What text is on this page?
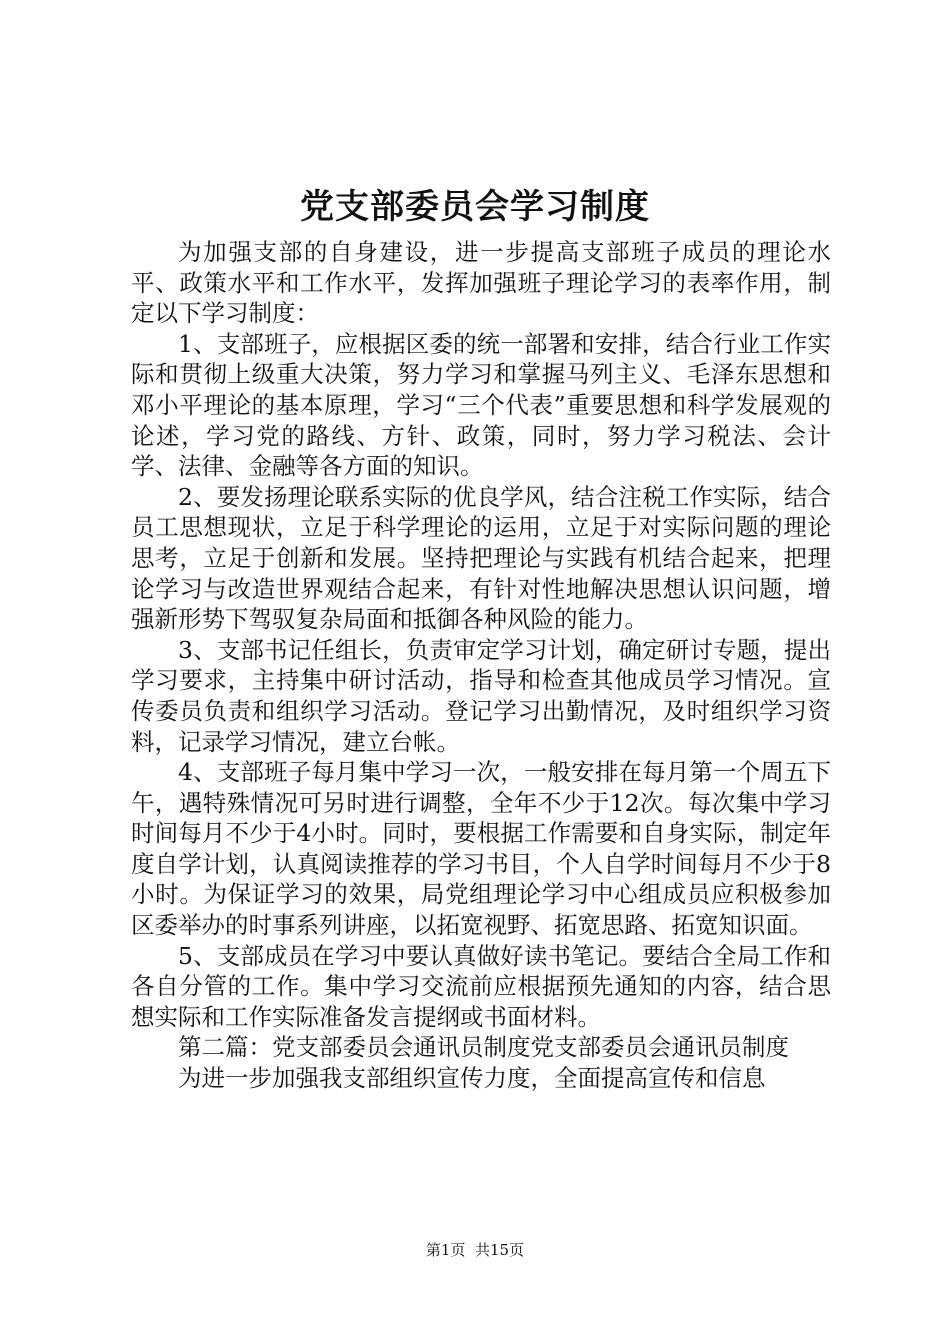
党支部委员会学习制度

为加强支部的自身建设，进一步提高支部班子成员的理论水平、政策水平和工作水平，发挥加强班子理论学习的表率作用，制定以下学习制度：

1、支部班子，应根据区委的统一部署和安排，结合行业工作实际和贯彻上级重大决策，努力学习和掌握马列主义、毛泽东思想和邓小平理论的基本原理，学习“三个代表”重要思想和科学发展观的论述，学习党的路线、方针、政策，同时，努力学习税法、会计学、法律、金融等各方面的知识。

2、要发扬理论联系实际的优良学风，结合注税工作实际，结合员工思想现状，立足于科学理论的运用，立足于对实际问题的理论思考，立足于创新和发展。坚持把理论与实践有机结合起来，把理论学习与改造世界观结合起来，有针对性地解决思想认识问题，增强新形势下驾驭复杂局面和抵御各种风险的能力。

3、支部书记任组长，负责审定学习计划，确定研讨专题，提出学习要求，主持集中研讨活动，指导和检查其他成员学习情况。宣传委员负责和组织学习活动。登记学习出勤情况，及时组织学习资料，记录学习情况，建立台帐。

4、支部班子每月集中学习一次，一般安排在每月第一个周五下午，遇特殊情况可另时进行调整，全年不少于12次。每次集中学习时间每月不少于4小时。同时，要根据工作需要和自身实际，制定年度自学计划，认真阅读推荐的学习书目，个人自学时间每月不少于8小时。为保证学习的效果，局党组理论学习中心组成员应积极参加区委举办的时事系列讲座，以拓宽视野、拓宽思路、拓宽知识面。

5、支部成员在学习中要认真做好读书笔记。要结合全局工作和各自分管的工作。集中学习交流前应根据预先通知的内容，结合思想实际和工作实际准备发言提纲或书面材料。

第二篇：党支部委员会通讯员制度党支部委员会通讯员制度

为进一步加强我支部组织宣传力度，全面提高宣传和信息

第1页 共15页
